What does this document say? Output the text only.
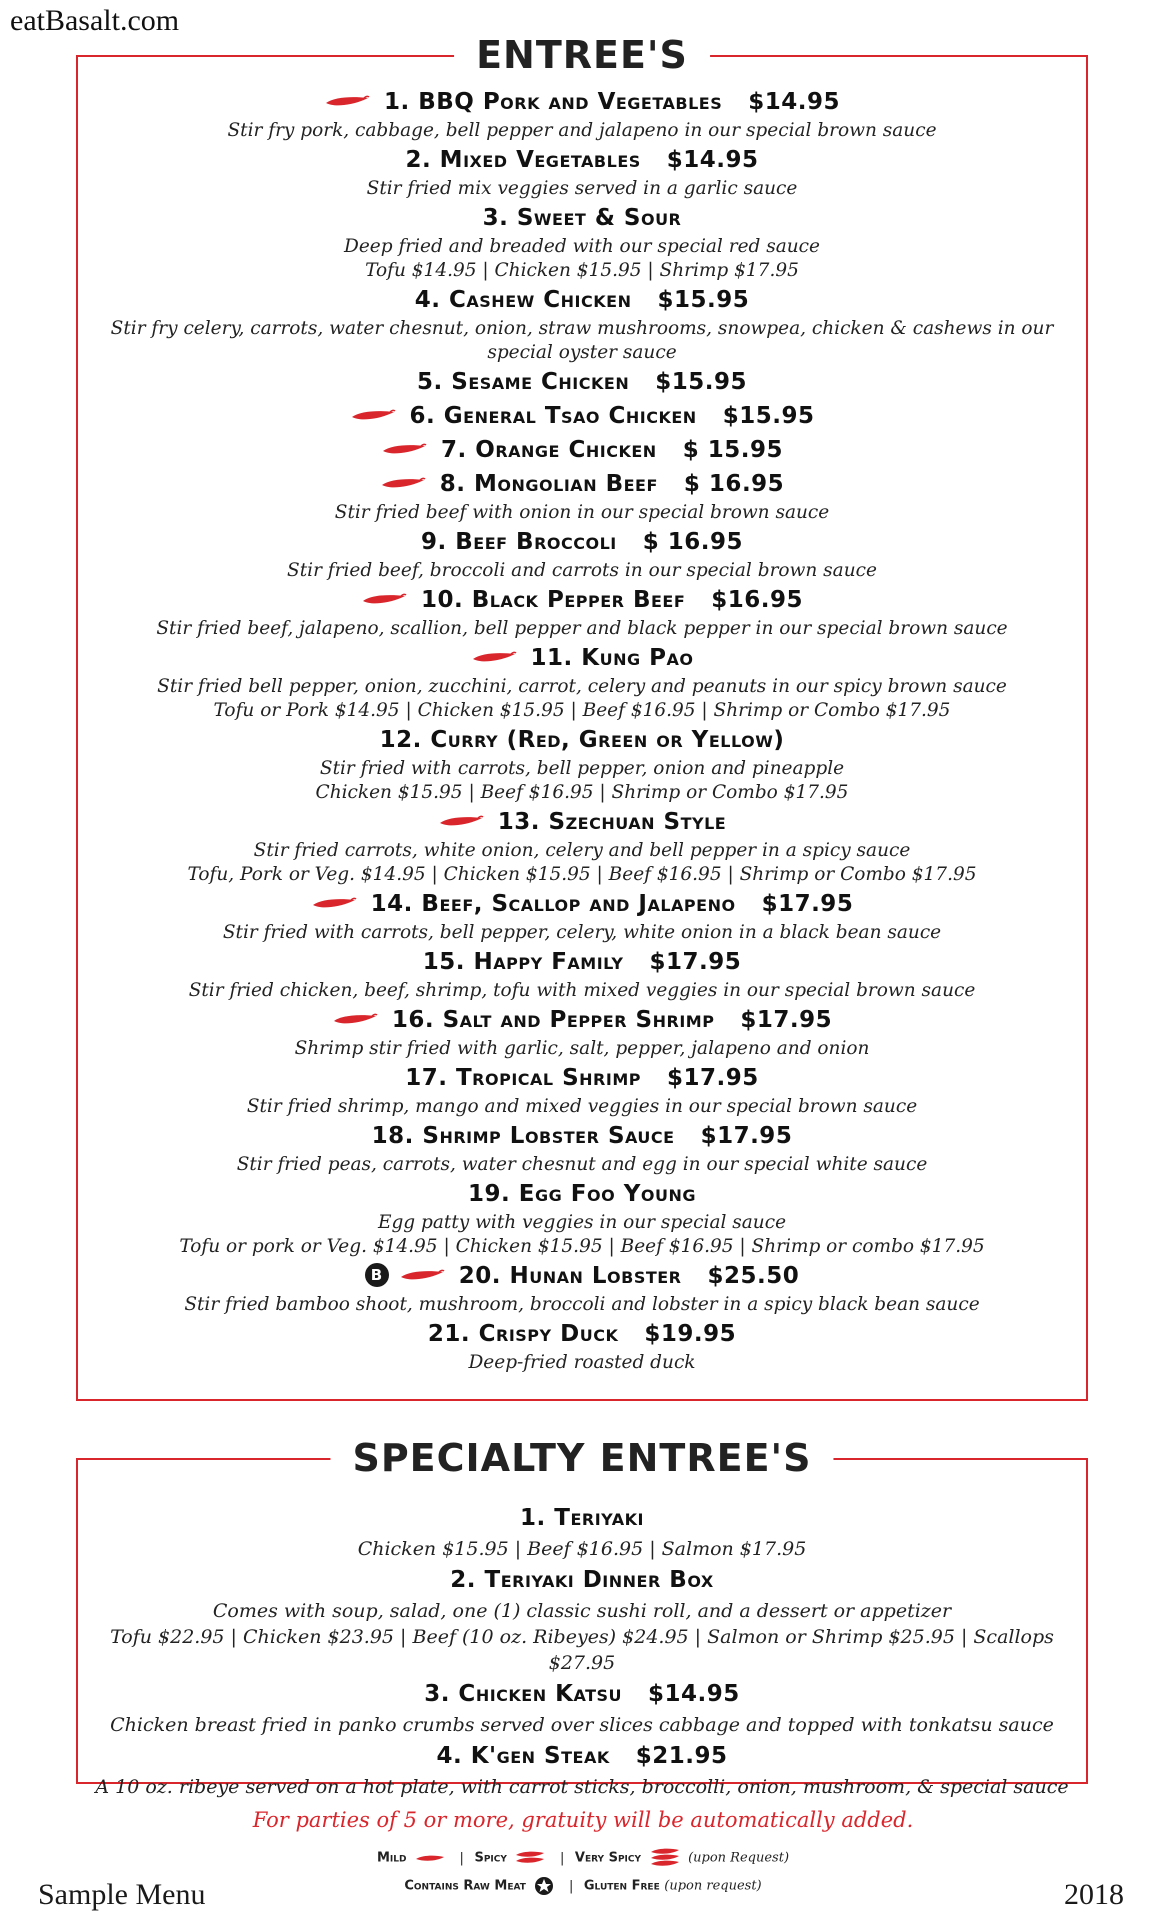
eatBasalt.com
ENTREE'S
1. BBQ Pork and Vegetables $14.95
Stir fry pork, cabbage, bell pepper and jalapeno in our special brown sauce
2. Mixed Vegetables $14.95
Stir fried mix veggies served in a garlic sauce
3. Sweet & Sour
Deep fried and breaded with our special red sauce
Tofu $14.95 | Chicken $15.95 | Shrimp $17.95
4. Cashew Chicken $15.95
Stir fry celery, carrots, water chesnut, onion, straw mushrooms, snowpea, chicken & cashews in our special oyster sauce
5. Sesame Chicken $15.95
6. General Tsao Chicken $15.95
7. Orange Chicken $ 15.95
8. Mongolian Beef $ 16.95
Stir fried beef with onion in our special brown sauce
9. Beef Broccoli $ 16.95
Stir fried beef, broccoli and carrots in our special brown sauce
10. Black Pepper Beef $16.95
Stir fried beef, jalapeno, scallion, bell pepper and black pepper in our special brown sauce
11. Kung Pao
Stir fried bell pepper, onion, zucchini, carrot, celery and peanuts in our spicy brown sauce
Tofu or Pork $14.95 | Chicken $15.95 | Beef $16.95 | Shrimp or Combo $17.95
12. Curry (Red, Green or Yellow)
Stir fried with carrots, bell pepper, onion and pineapple
Chicken $15.95 | Beef $16.95 | Shrimp or Combo $17.95
13. Szechuan Style
Stir fried carrots, white onion, celery and bell pepper in a spicy sauce
Tofu, Pork or Veg. $14.95 | Chicken $15.95 | Beef $16.95 | Shrimp or Combo $17.95
14. Beef, Scallop and Jalapeno $17.95
Stir fried with carrots, bell pepper, celery, white onion in a black bean sauce
15. Happy Family $17.95
Stir fried chicken, beef, shrimp, tofu with mixed veggies in our special brown sauce
16. Salt and Pepper Shrimp $17.95
Shrimp stir fried with garlic, salt, pepper, jalapeno and onion
17. Tropical Shrimp $17.95
Stir fried shrimp, mango and mixed veggies in our special brown sauce
18. Shrimp Lobster Sauce $17.95
Stir fried peas, carrots, water chesnut and egg in our special white sauce
19. Egg Foo Young
Egg patty with veggies in our special sauce
Tofu or pork or Veg. $14.95 | Chicken $15.95 | Beef $16.95 | Shrimp or combo $17.95
B	20. Hunan Lobster $25.50
Stir fried bamboo shoot, mushroom, broccoli and lobster in a spicy black bean sauce
21. Crispy Duck $19.95
Deep-fried roasted duck
SPECIALTY ENTREE'S
1. Teriyaki
Chicken $15.95 | Beef $16.95 | Salmon $17.95
2. Teriyaki Dinner Box
Comes with soup, salad, one (1) classic sushi roll, and a dessert or appetizer
Tofu $22.95 | Chicken $23.95 | Beef (10 oz. Ribeyes) $24.95 | Salmon or Shrimp $25.95 | Scallops $27.95
3. Chicken Katsu $14.95
Chicken breast fried in panko crumbs served over slices cabbage and topped with tonkatsu sauce
4. K'gen Steak $21.95
A 10 oz. ribeye served on a hot plate, with carrot sticks, broccolli, onion, mushroom, & special sauce
For parties of 5 or more, gratuity will be automatically added.
Mild	| Spicy	| Very Spicy	(upon Request)
Contains Raw Meat	| Gluten Free (upon request)
Sample Menu	2018
